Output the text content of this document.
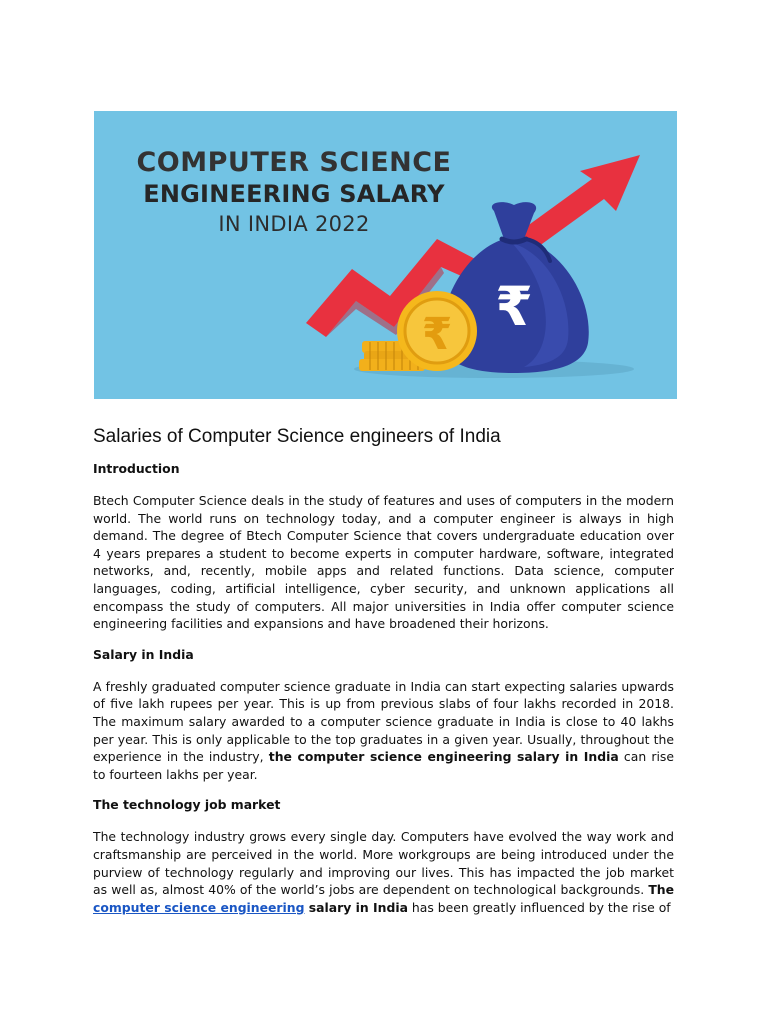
₹
₹
COMPUTER SCIENCE
ENGINEERING SALARY
IN INDIA 2022
Salaries of Computer Science engineers of India
Introduction

Btech Computer Science deals in the study of features and uses of computers in the modern world. The world runs on technology today, and a computer engineer is always in high demand. The degree of Btech Computer Science that covers undergraduate education over 4 years prepares a student to become experts in computer hardware, software, integrated networks, and, recently, mobile apps and related functions. Data science, computer languages, coding, artificial intelligence, cyber security, and unknown applications all encompass the study of computers. All major universities in India offer computer science engineering facilities and expansions and have broadened their horizons.

Salary in India

A freshly graduated computer science graduate in India can start expecting salaries upwards of five lakh rupees per year. This is up from previous slabs of four lakhs recorded in 2018. The maximum salary awarded to a computer science graduate in India is close to 40 lakhs per year. This is only applicable to the top graduates in a given year. Usually, throughout the experience in the industry, the computer science engineering salary in India can rise to fourteen lakhs per year.

The technology job market

The technology industry grows every single day. Computers have evolved the way work and craftsmanship are perceived in the world. More workgroups are being introduced under the purview of technology regularly and improving our lives. This has impacted the job market as well as, almost 40% of the world’s jobs are dependent on technological backgrounds. The computer science engineering salary in India has been greatly influenced by the rise of
